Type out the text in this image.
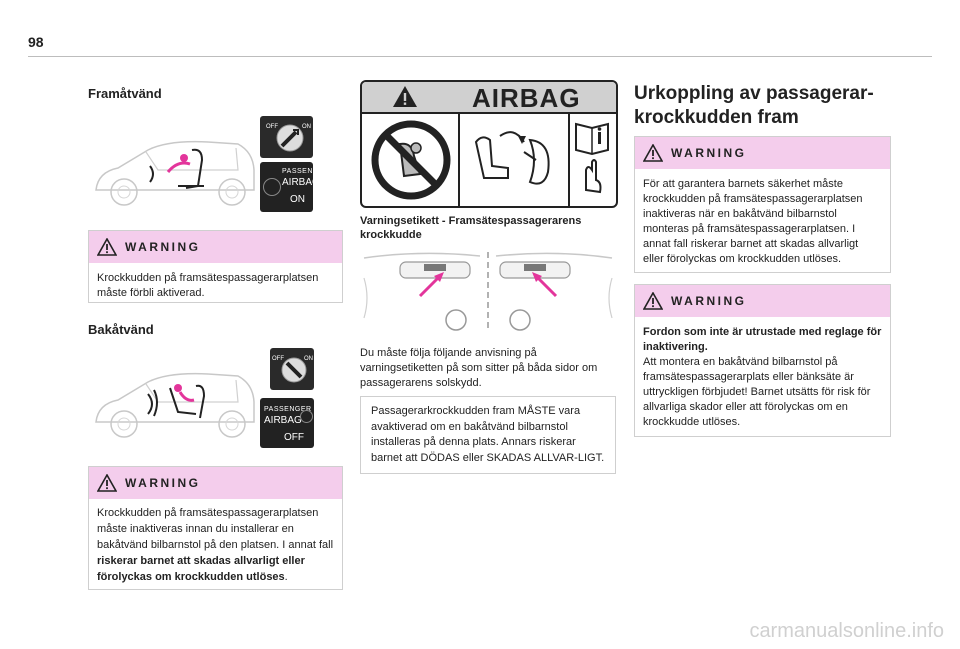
98
Framåtvänd
OFF	ON
PASSENGER
AIRBAG
ON
WARNING
Krockkudden på framsätespassagerarplatsen måste förbli aktiverad.
Bakåtvänd
OFF	ON
PASSENGER
AIRBAG
OFF
WARNING
Krockkudden på framsätespassagerarplatsen måste inaktiveras innan du installerar en bakåtvänd bilbarnstol på den platsen. I annat fall riskerar barnet att skadas allvarligt eller förolyckas om krockkudden utlöses.
AIRBAG
Varningsetikett - Framsätespassagerarens krockkudde
Du måste följa följande anvisning på varningsetiketten på som sitter på båda sidor om passagerarens solskydd.
Passagerarkrockkudden fram MÅSTE vara avaktiverad om en bakåtvänd bilbarnstol installeras på denna plats. Annars riskerar barnet att DÖDAS eller SKADAS ALLVAR-LIGT.
Urkoppling av passagerar-krockkudden fram
WARNING
För att garantera barnets säkerhet måste krockkudden på framsätespassagerarplatsen inaktiveras när en bakåtvänd bilbarnstol monteras på framsätespassagerarplatsen. I annat fall riskerar barnet att skadas allvarligt eller förolyckas om krockkudden utlöses.
WARNING
Fordon som inte är utrustade med reglage för inaktivering.
Att montera en bakåtvänd bilbarnstol på framsätespassagerarplats eller bänksäte är uttryckligen förbjudet! Barnet utsätts för risk för allvarliga skador eller att förolyckas om en krockkudde utlöses.
carmanualsonline.info
